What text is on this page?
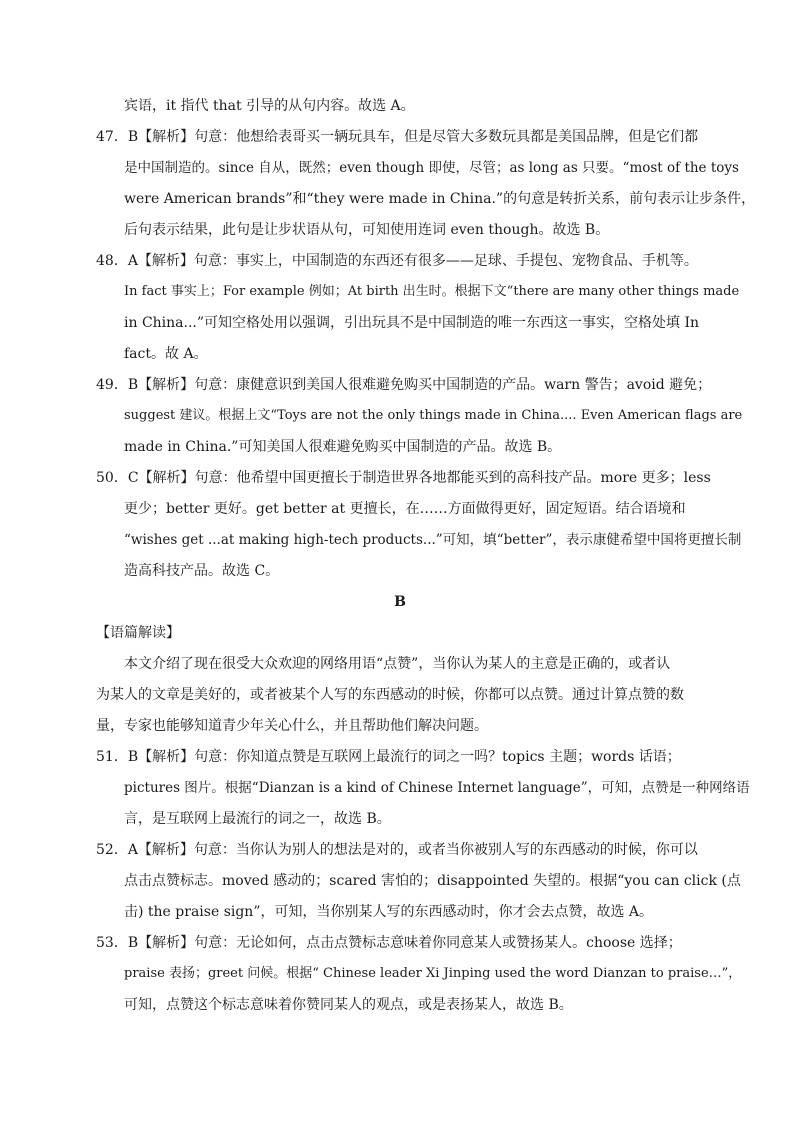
宾语，it 指代 that 引导的从句内容。故选 A。
47．B【解析】句意：他想给表哥买一辆玩具车，但是尽管大多数玩具都是美国品牌，但是它们都
是中国制造的。since 自从，既然；even though 即使，尽管；as long as 只要。“most of the toys
were American brands”和“they were made in China.”的句意是转折关系，前句表示让步条件，
后句表示结果，此句是让步状语从句，可知使用连词 even though。故选 B。
48．A【解析】句意：事实上，中国制造的东西还有很多——足球、手提包、宠物食品、手机等。
In fact 事实上；For example 例如；At birth 出生时。根据下文“there are many other things made
in China...”可知空格处用以强调，引出玩具不是中国制造的唯一东西这一事实，空格处填 In
fact。故 A。
49．B【解析】句意：康健意识到美国人很难避免购买中国制造的产品。warn 警告；avoid 避免；
suggest 建议。根据上文“Toys are not the only things made in China.... Even American flags are
made in China.”可知美国人很难避免购买中国制造的产品。故选 B。
50．C【解析】句意：他希望中国更擅长于制造世界各地都能买到的高科技产品。more 更多；less
更少；better 更好。get better at 更擅长，在……方面做得更好，固定短语。结合语境和
“wishes get ...at making high-tech products...”可知，填“better”，表示康健希望中国将更擅长制
造高科技产品。故选 C。
B
【语篇解读】
本文介绍了现在很受大众欢迎的网络用语“点赞”，当你认为某人的主意是正确的，或者认
为某人的文章是美好的，或者被某个人写的东西感动的时候，你都可以点赞。通过计算点赞的数
量，专家也能够知道青少年关心什么，并且帮助他们解决问题。
51．B【解析】句意：你知道点赞是互联网上最流行的词之一吗？topics 主题；words 话语；
pictures 图片。根据“Dianzan is a kind of Chinese Internet language”，可知，点赞是一种网络语
言，是互联网上最流行的词之一，故选 B。
52．A【解析】句意：当你认为别人的想法是对的，或者当你被别人写的东西感动的时候，你可以
点击点赞标志。moved 感动的；scared 害怕的；disappointed 失望的。根据“you can click (点
击) the praise sign”，可知，当你别某人写的东西感动时，你才会去点赞，故选 A。
53．B【解析】句意：无论如何，点击点赞标志意味着你同意某人或赞扬某人。choose 选择；
praise 表扬；greet 问候。根据“ Chinese leader Xi Jinping used the word Dianzan to praise…”，
可知，点赞这个标志意味着你赞同某人的观点，或是表扬某人，故选 B。
